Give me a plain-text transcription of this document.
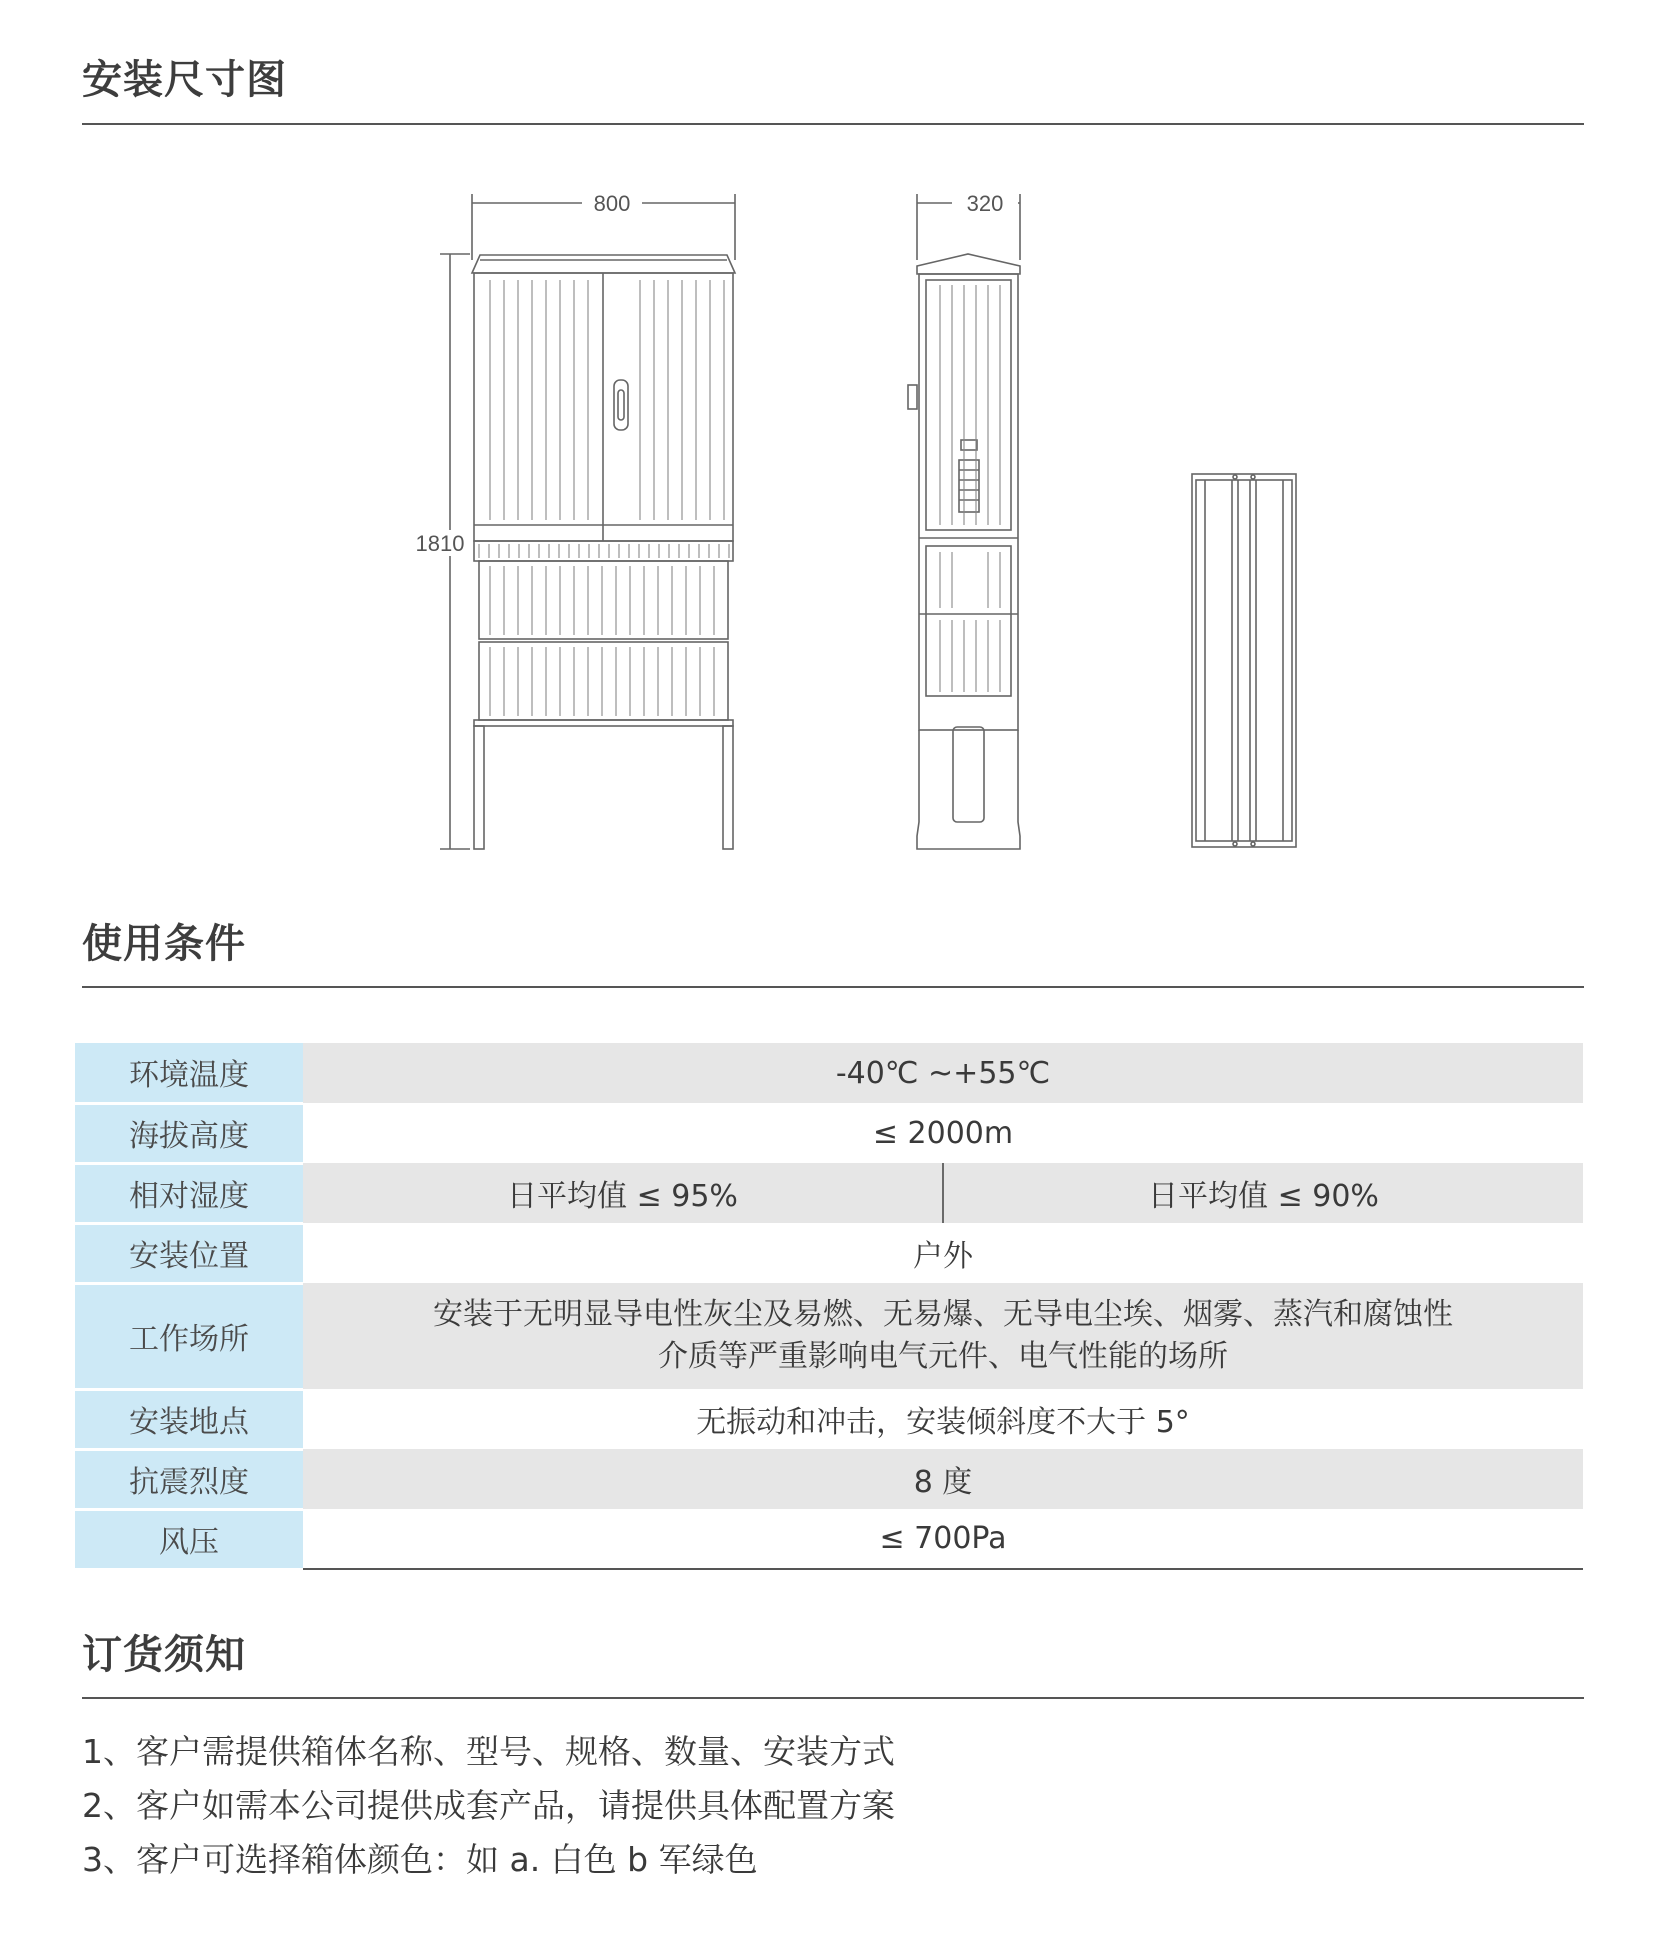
安装尺寸图
800	320
1810
使用条件
环境温度	-40℃ ~+55℃	
海拔高度	≤ 2000m	
相对湿度	日平均值 ≤ 95%	日平均值 ≤ 90%
安装位置	户外	
工作场所	安装于无明显导电性灰尘及易燃、无易爆、无导电尘埃、烟雾、蒸汽和腐蚀性
介质等严重影响电气元件、电气性能的场所	

安装地点	无振动和冲击，安装倾斜度不大于 5°	
抗震烈度	8 度	
风压	≤ 700Pa	
订货须知
1、客户需提供箱体名称、型号、规格、数量、安装方式
2、客户如需本公司提供成套产品，请提供具体配置方案
3、客户可选择箱体颜色：如 a. 白色 b 军绿色
